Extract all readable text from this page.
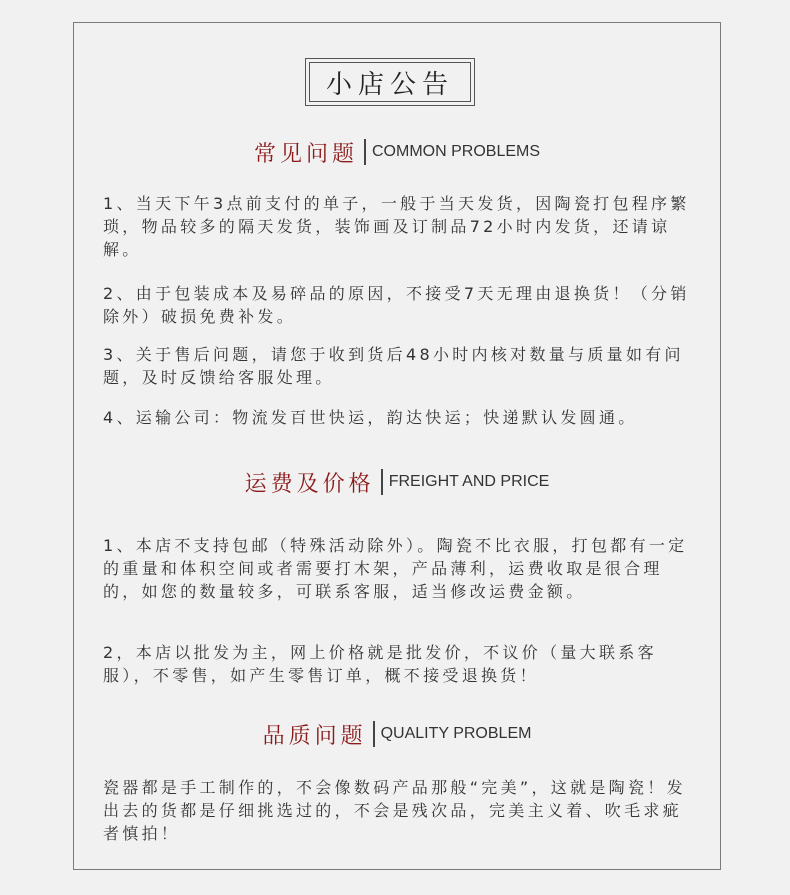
小店公告
常见问题 COMMON PROBLEMS

1、当天下午3点前支付的单子，一般于当天发货，因陶瓷打包程序繁琐，物品较多的隔天发货，装饰画及订制品72小时内发货，还请谅解。

2、由于包装成本及易碎品的原因，不接受7天无理由退换货！（分销除外）破损免费补发。

3、关于售后问题，请您于收到货后48小时内核对数量与质量如有问题，及时反馈给客服处理。

4、运输公司：物流发百世快运，韵达快运；快递默认发圆通。

运费及价格 FREIGHT AND PRICE

1、本店不支持包邮（特殊活动除外）。陶瓷不比衣服，打包都有一定的重量和体积空间或者需要打木架，产品薄利，运费收取是很合理的，如您的数量较多，可联系客服，适当修改运费金额。

2，本店以批发为主，网上价格就是批发价，不议价（量大联系客服），不零售，如产生零售订单，概不接受退换货！

品质问题 QUALITY PROBLEM

瓷器都是手工制作的，不会像数码产品那般“完美”，这就是陶瓷！发出去的货都是仔细挑选过的，不会是残次品，完美主义着、吹毛求疵者慎拍！
